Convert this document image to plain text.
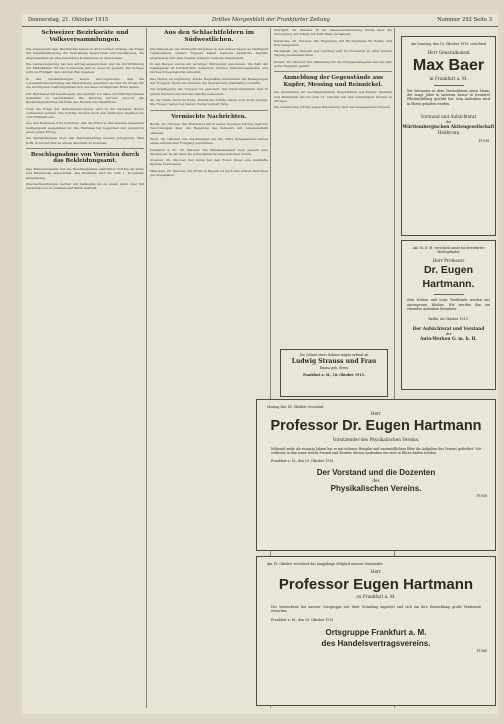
Donnerstag, 21. Oktober 1915	Drittes Morgenblatt der Frankfurter Zeitung	Nummer 292 Seite 3
Schweizer Bezirksräte und Volksversammlungen.

Die schweizerischen Bezirksräte haben in ihrer letzten Sitzung die Frage der Vereinheitlichung der Verwaltung besprochen und beschlossen, die Angelegenheit an eine besondere Kommission zu überweisen.

Die Landesregierung hat den Antrag angenommen und die Durchführung der Maßnahmen für das kommende Jahr in Aussicht gestellt. Die Vorlage wird im Frühjahr dem Großen Rat zugehen.

In den Versammlungen wurde hervorgehoben, daß die Lebensmittelversorgung der Bevölkerung gesichert sei und die Preise für die wichtigsten Nahrungsmittel sich auf einer erträglichen Höhe halten.

Der Bundesrat hat beschlossen, die Ausfuhr von Käse und Milchprodukten weiterhin zu beschränken. Die Kantone werden ersucht, die Bestandesaufnahme bis Ende des Monats durchzuführen.

Über die Frage der Getreideversorgung wird in der nächsten Woche verhandelt werden. Die Vorräte reichen nach den amtlichen Angaben bis zum Frühjahr aus.

Aus den Kantonen wird berichtet, daß die Ernte in den meisten Gegenden befriedigend ausgefallen ist. Die Weinlese hat begonnen und verspricht einen guten Ertrag.

Die Verhandlungen über den Handelsvertrag werden fortgesetzt. Man hofft, in kurzer Zeit zu einem Abschluß zu kommen.

Beschlagnahme von Vorräten durch das Bekleidungsamt.

Das Bekleidungsamt hat die Beschlagnahme sämtlicher Vorräte an Wolle und Baumwolle angeordnet. Die Bestände sind bis zum 1. November anzumelden.

Zuwiderhandlungen werden mit Gefängnis bis zu einem Jahre oder mit Geldstrafe bis zu zehntausend Mark bestraft.

Aus den Schlachtfeldern im Südwestlichen.

Die Kämpfe an der Südwestfront haben in den letzten Tagen an Heftigkeit zugenommen. Unsere Truppen haben mehrere feindliche Angriffe abgewiesen und dem Gegner schwere Verluste beigebracht.

In den Bergen wurde ein wichtiger Stützpunkt genommen. Die Zahl der Gefangenen ist beträchtlich; außerdem wurden Maschinengewehre und reiches Kriegsmaterial erbeutet.

Das Wetter ist ungünstig; starke Regenfälle erschweren die Bewegungen der Truppen. Dennoch schreiten die Operationen planmäßig vorwärts.

Die Verpflegung der Truppen ist gesichert. Die Nachschublinien sind in gutem Zustand und werden ständig verbessert.

An der Küste herrscht Ruhe. Feindliche Schiffe haben sich nicht gezeigt. Die Flieger waren bei klarem Wetter lebhaft tätig.

Vermischte Nachrichten.

Berlin, 20. Oktober. Der Bundesrat hat in seiner heutigen Sitzung mehrere Verordnungen über die Regelung des Verkehrs mit Lebensmitteln erlassen.

Wien, 20. Oktober. Die Zeichnungen auf die dritte Kriegsanleihe haben einen erfreulichen Fortgang genommen.

Frankfurt a. M., 20. Oktober. Die Handelskammer hielt gestern eine Sitzung ab, in der über die wirtschaftliche Lage berichtet wurde.

Dresden, 20. Oktober. Der König hat dem Roten Kreuz eine namhafte Spende überwiesen.

München, 20. Oktober. Die Ernte in Bayern ist nach den letzten Berichten gut ausgefallen.

Stuttgart, 20. Oktober. In der Landesversammlung wurde über die Versorgung der Städte mit Kartoffeln verhandelt.

Karlsruhe, 20. Oktober. Die Regierung hat Höchstpreise für Butter und Eier festgesetzt.

Darmstadt, 20. Oktober. Der Landtag wird im November zu einer kurzen Tagung zusammentreten.

Kassel, 20. Oktober. Die Sammlung für die Kriegsgefangenen hat ein sehr gutes Ergebnis gehabt.

Anmeldung der Gegenstände aus Kupfer, Messing und Reinnickel.

Die Anmeldung der beschlagnahmten Gegenstände aus Kupfer, Messing und Reinnickel hat bis zum 31. Oktober bei den zuständigen Stellen zu erfolgen.

Die Ablieferung erfolgt gegen Barzahlung nach den festgesetzten Preisen.

Die Geburt eines Sohnes zeigen erfreut an
Ludwig Strauss und Frau
Emma geb. Stern
Frankfurt a. M., 18. Oktober 1915.
Am Sonntag, den 19. Oktober 1915, verschied
Herr Generalkonsul
Max Baer
in Frankfurt a. M.
Wir betrauern in dem Verstorbenen einen Mann, der lange Jahre in unserem Kreise in treuester Pflichterfüllung gewirkt hat. Sein Andenken wird in Ehren gehalten werden.
Vorstand und Aufsichtsrat
der
Württembergischen Aktiengesellschaft
Heilbronn
F1938
Am 18. d. M. verschied unser hochverehrter Mitbegründer
Herr Professor
Dr. Eugen Hartmann.
Sein Wirken und seine Verdienste werden uns unvergessen bleiben. Wir werden ihm ein ehrendes Andenken bewahren.
Berlin, im Oktober 1915.
Der Aufsichtsrat und Vorstand
der
Auto-Werken G. m. b. H.
Montag den 18. Oktober verschied
Herr
Professor Dr. Eugen Hartmann
Vorsitzender des Physikalischen Vereins.
Während mehr als zwanzig Jahren hat er mit seltener Hingabe und unermüdlichem Eifer die Aufgaben des Vereins gefördert. Wir verlieren in ihm einen treuen Freund und Berater, dessen Andenken wir stets in Ehren halten werden.
Frankfurt a. M., den 19. Oktober 1915.
Der Vorstand und die Dozenten
des
Physikalischen Vereins.
F1938
Am 18. Oktober verschied das langjährige Mitglied unseres Vorstandes
Herr
Professor Eugen Hartmann
zu Frankfurt a. M.
Der Verstorbene hat unserer Ortsgruppe seit ihrer Gründung angehört und sich um ihre Entwicklung große Verdienste erworben.
Frankfurt a. M., den 20. Oktober 1915.
Ortsgruppe Frankfurt a. M.
des Handelsvertragsvereins.
F1940
